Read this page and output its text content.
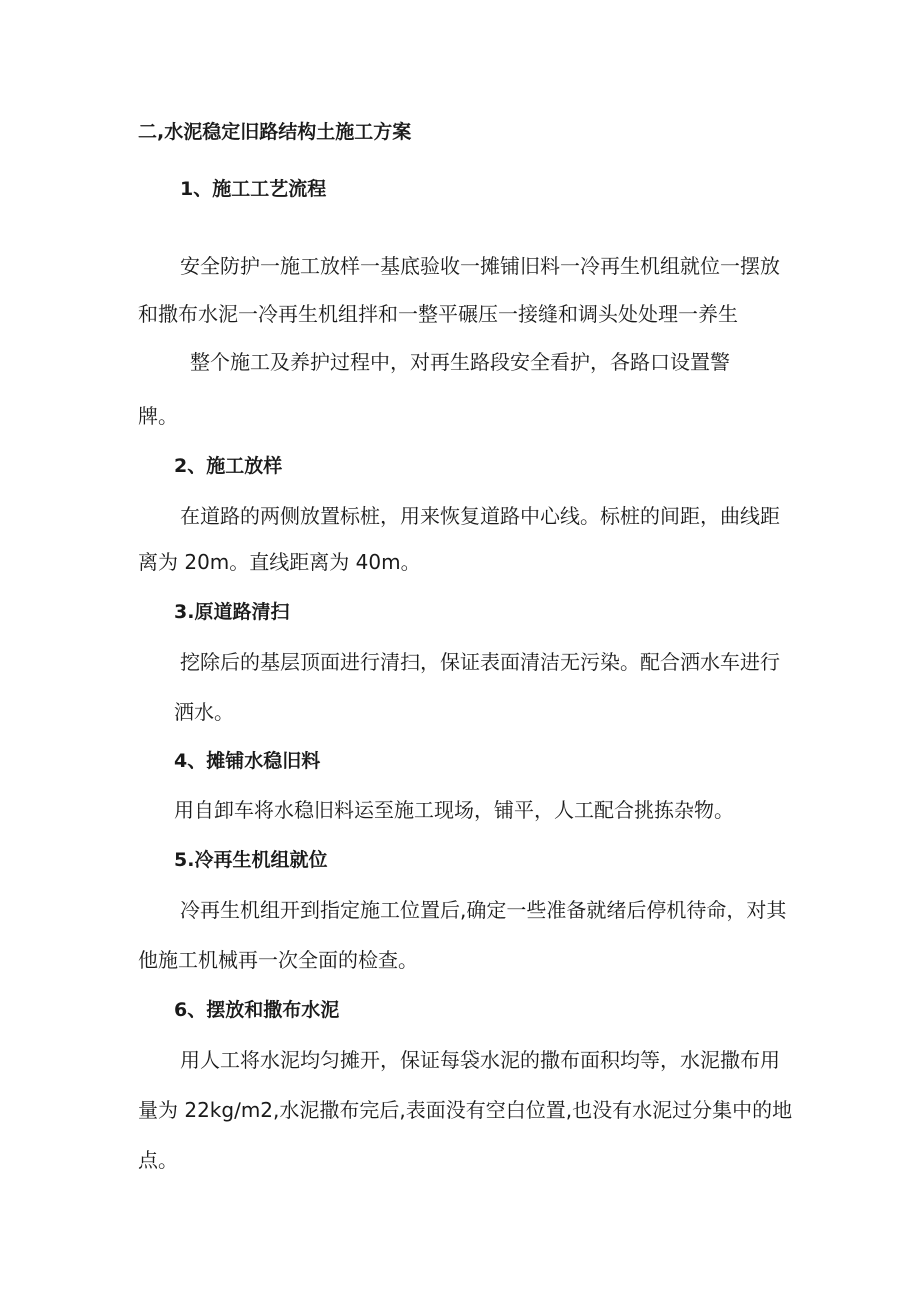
二,水泥稳定旧路结构土施工方案
1、施工工艺流程
安全防护一施工放样一基底验收一摊铺旧料一冷再生机组就位一摆放
和撒布水泥一冷再生机组拌和一整平碾压一接缝和调头处处理一养生
整个施工及养护过程中，对再生路段安全看护，各路口设置警
牌。
2、施工放样
在道路的两侧放置标桩，用来恢复道路中心线。标桩的间距，曲线距
离为 20m。直线距离为 40m。
3.原道路清扫
挖除后的基层顶面进行清扫，保证表面清洁无污染。配合洒水车进行
洒水。
4、摊铺水稳旧料
用自卸车将水稳旧料运至施工现场，铺平，人工配合挑拣杂物。
5.冷再生机组就位
冷再生机组开到指定施工位置后,确定一些准备就绪后停机待命，对其
他施工机械再一次全面的检查。
6、摆放和撒布水泥
用人工将水泥均匀摊开，保证每袋水泥的撒布面积均等，水泥撒布用
量为 22kg∕m2,水泥撒布完后,表面没有空白位置,也没有水泥过分集中的地
点。
